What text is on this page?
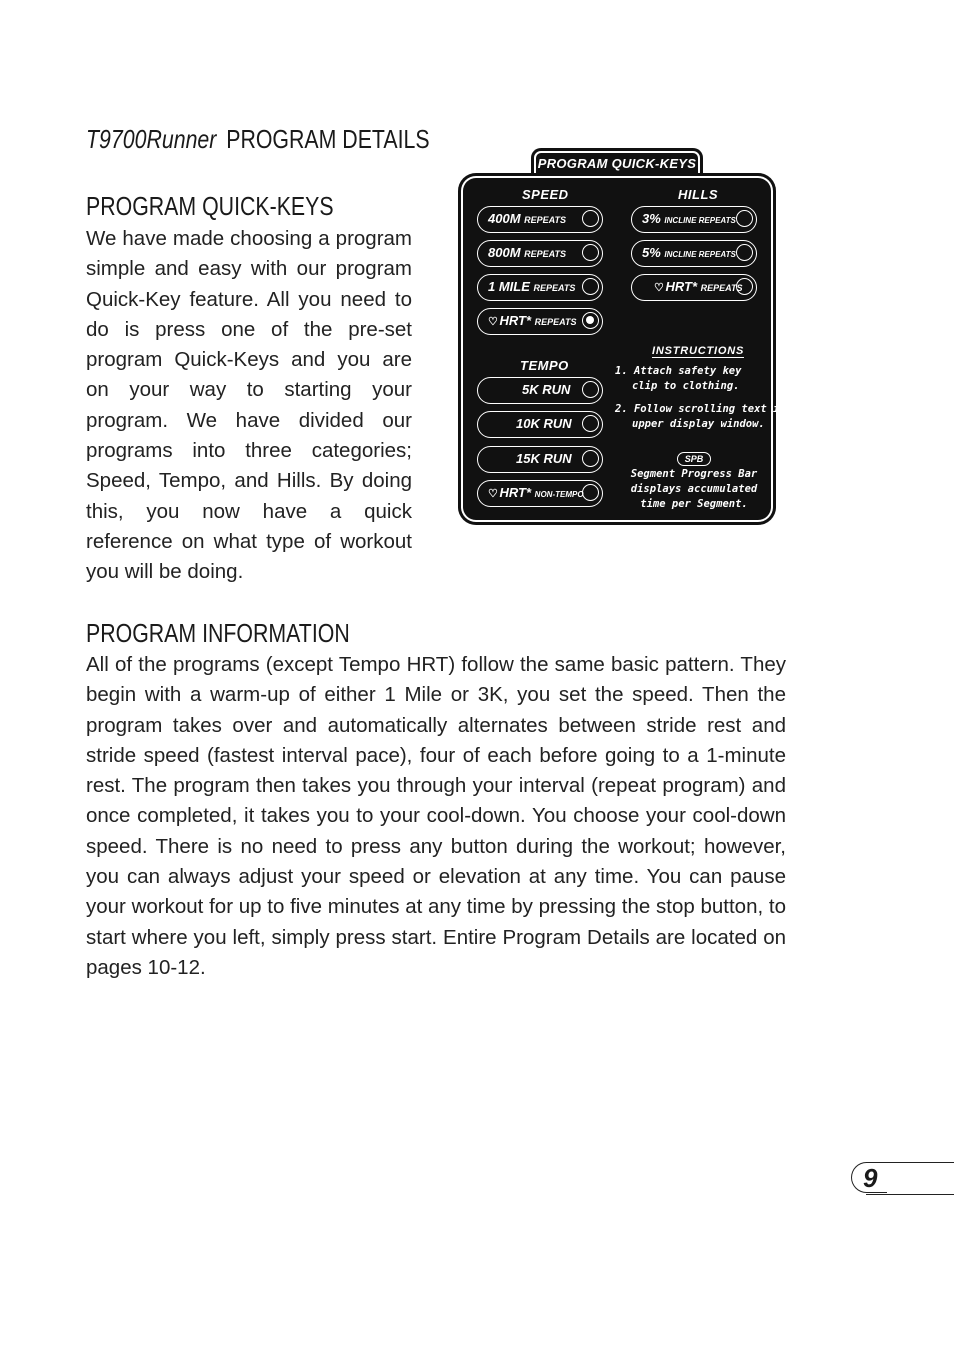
T9700Runner PROGRAM DETAILS
PROGRAM QUICK-KEYS
We have made choosing a program simple and easy with our program Quick-Key feature. All you need to do is press one of the pre-set program Quick-Keys and you are on your way to starting your program. We have divided our programs into three categories; Speed, Tempo, and Hills. By doing this, you now have a quick reference on what type of workout you will be doing.
PROGRAM QUICK-KEYS
SPEED	HILLS
TEMPO
400M REPEATS
800M REPEATS
1 MILE REPEATS
♡ HRT* REPEATS
3% INCLINE REPEATS
5% INCLINE REPEATS
♡ HRT* REPEATS
5K RUN
10K RUN
15K RUN
♡ HRT* NON-TEMPO
INSTRUCTIONS
1. Attach safety key
clip to clothing.
2. Follow scrolling text in
upper display window.
SPB
Segment Progress Bar
displays accumulated
time per Segment.
PROGRAM INFORMATION
All of the programs (except Tempo HRT) follow the same basic pattern. They begin with a warm-up of either 1 Mile or 3K, you set the speed. Then the program takes over and automatically alternates between stride rest and stride speed (fastest interval pace), four of each before going to a 1-minute rest. The program then takes you through your interval (repeat program) and once completed, it takes you to your cool-down. You choose your cool-down speed. There is no need to press any button during the workout; however, you can always adjust your speed or elevation at any time. You can pause your workout for up to five minutes at any time by pressing the stop button, to start where you left, simply press start. Entire Program Details are located on pages 10-12.
9
